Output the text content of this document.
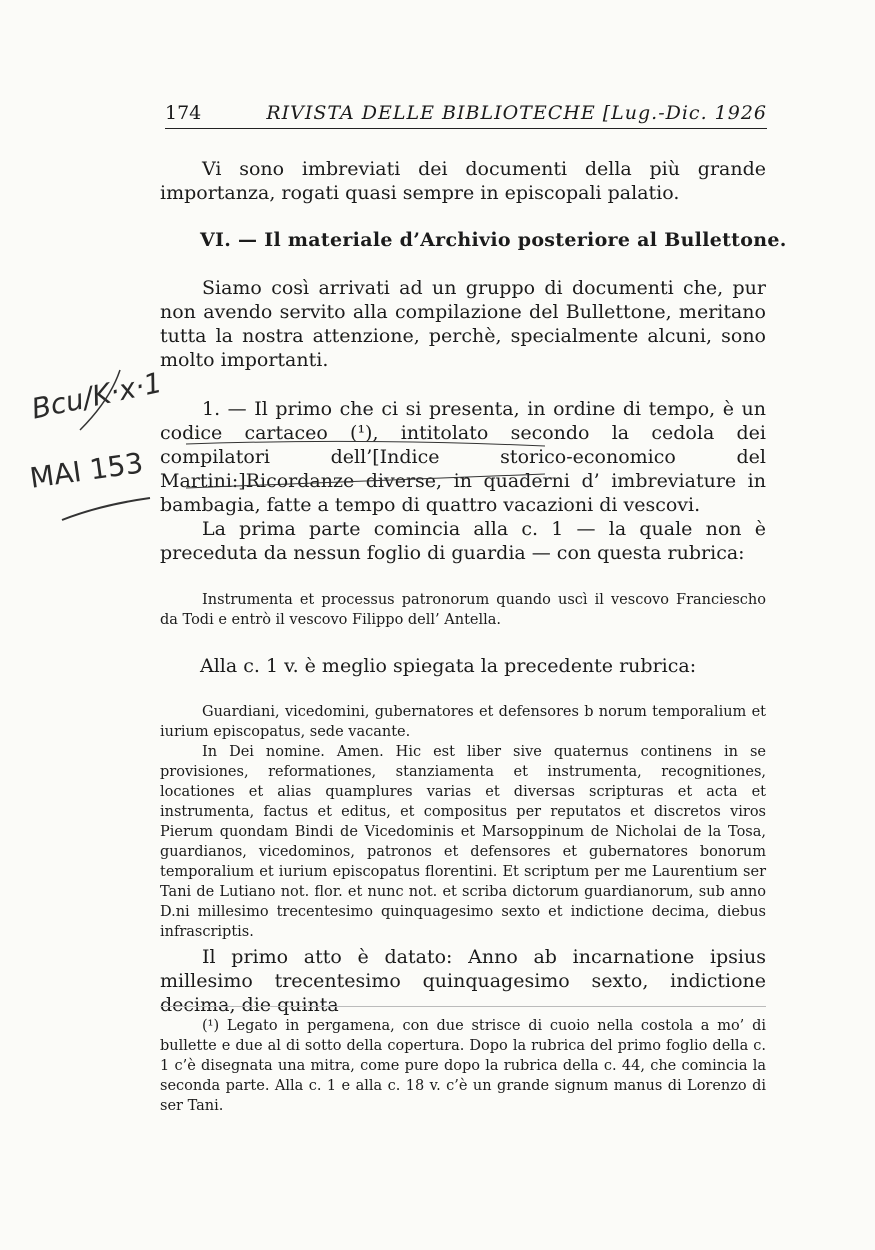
174	RIVISTA DELLE BIBLIOTECHE [Lug.-Dic. 1926
Vi sono imbreviati dei documenti della più grande importanza, rogati quasi sempre in episcopali palatio.
VI. — Il materiale d’Archivio posteriore al Bullettone.
Siamo così arrivati ad un gruppo di documenti che, pur non avendo servito alla compilazione del Bullettone, meritano tutta la nostra attenzione, perchè, specialmente alcuni, sono molto importanti.
1. — Il primo che ci si presenta, in ordine di tempo, è un codice cartaceo (¹), intitolato secondo la cedola dei compilatori dell’[Indice storico-economico del Martini:]Ricordanze diverse, in quaderni d’ imbreviature in bambagia, fatte a tempo di quattro vacazioni di vescovi.
La prima parte comincia alla c. 1 — la quale non è preceduta da nessun foglio di guardia — con questa rubrica:
Instrumenta et processus patronorum quando uscì il vescovo Francieschо da Todi e entrò il vescovo Filippo dell’ Antella.
Alla c. 1 v. è meglio spiegata la precedente rubrica:
Guardiani, vicedomini, gubernatores et defensores b norum temporalium et iurium episcopatus, sede vacante.
In Dei nomine. Amen. Hic est liber sive quaternus continens in se provisiones, reformationes, stanziamenta et instrumenta, recognitiones, locationes et alias quamplures varias et diversas scripturas et acta et instrumenta, factus et editus, et compositus per reputatos et discretos viros Pierum quondam Bindi de Vicedominis et Marsoppinum de Nicholai de la Tosa, guardianos, vicedominos, patronos et defensores et gubernatores bonorum temporalium et iurium episcopatus florentini. Et scriptum per me Laurentium ser Tani de Lutiano not. flor. et nunc not. et scriba dictorum guardianorum, sub anno D.ni millesimo trecentesimo quinquagesimo sexto et indictione decima, diebus infrascriptis.
Il primo atto è datato: Anno ab incarnatione ipsius millesimo trecentesimo quinquagesimo sexto, indictione decima, die quinta
(¹) Legato in pergamena, con due strisce di cuoio nella costola a mo’ di bullette e due al di sotto della copertura. Dopo la rubrica del primo foglio della c. 1 c’è disegnata una mitra, come pure dopo la rubrica della c. 44, che comincia la seconda parte. Alla c. 1 e alla c. 18 v. c’è un grande signum manus di Lorenzo di ser Tani.
Bcu/K·x·1
MAI 153
